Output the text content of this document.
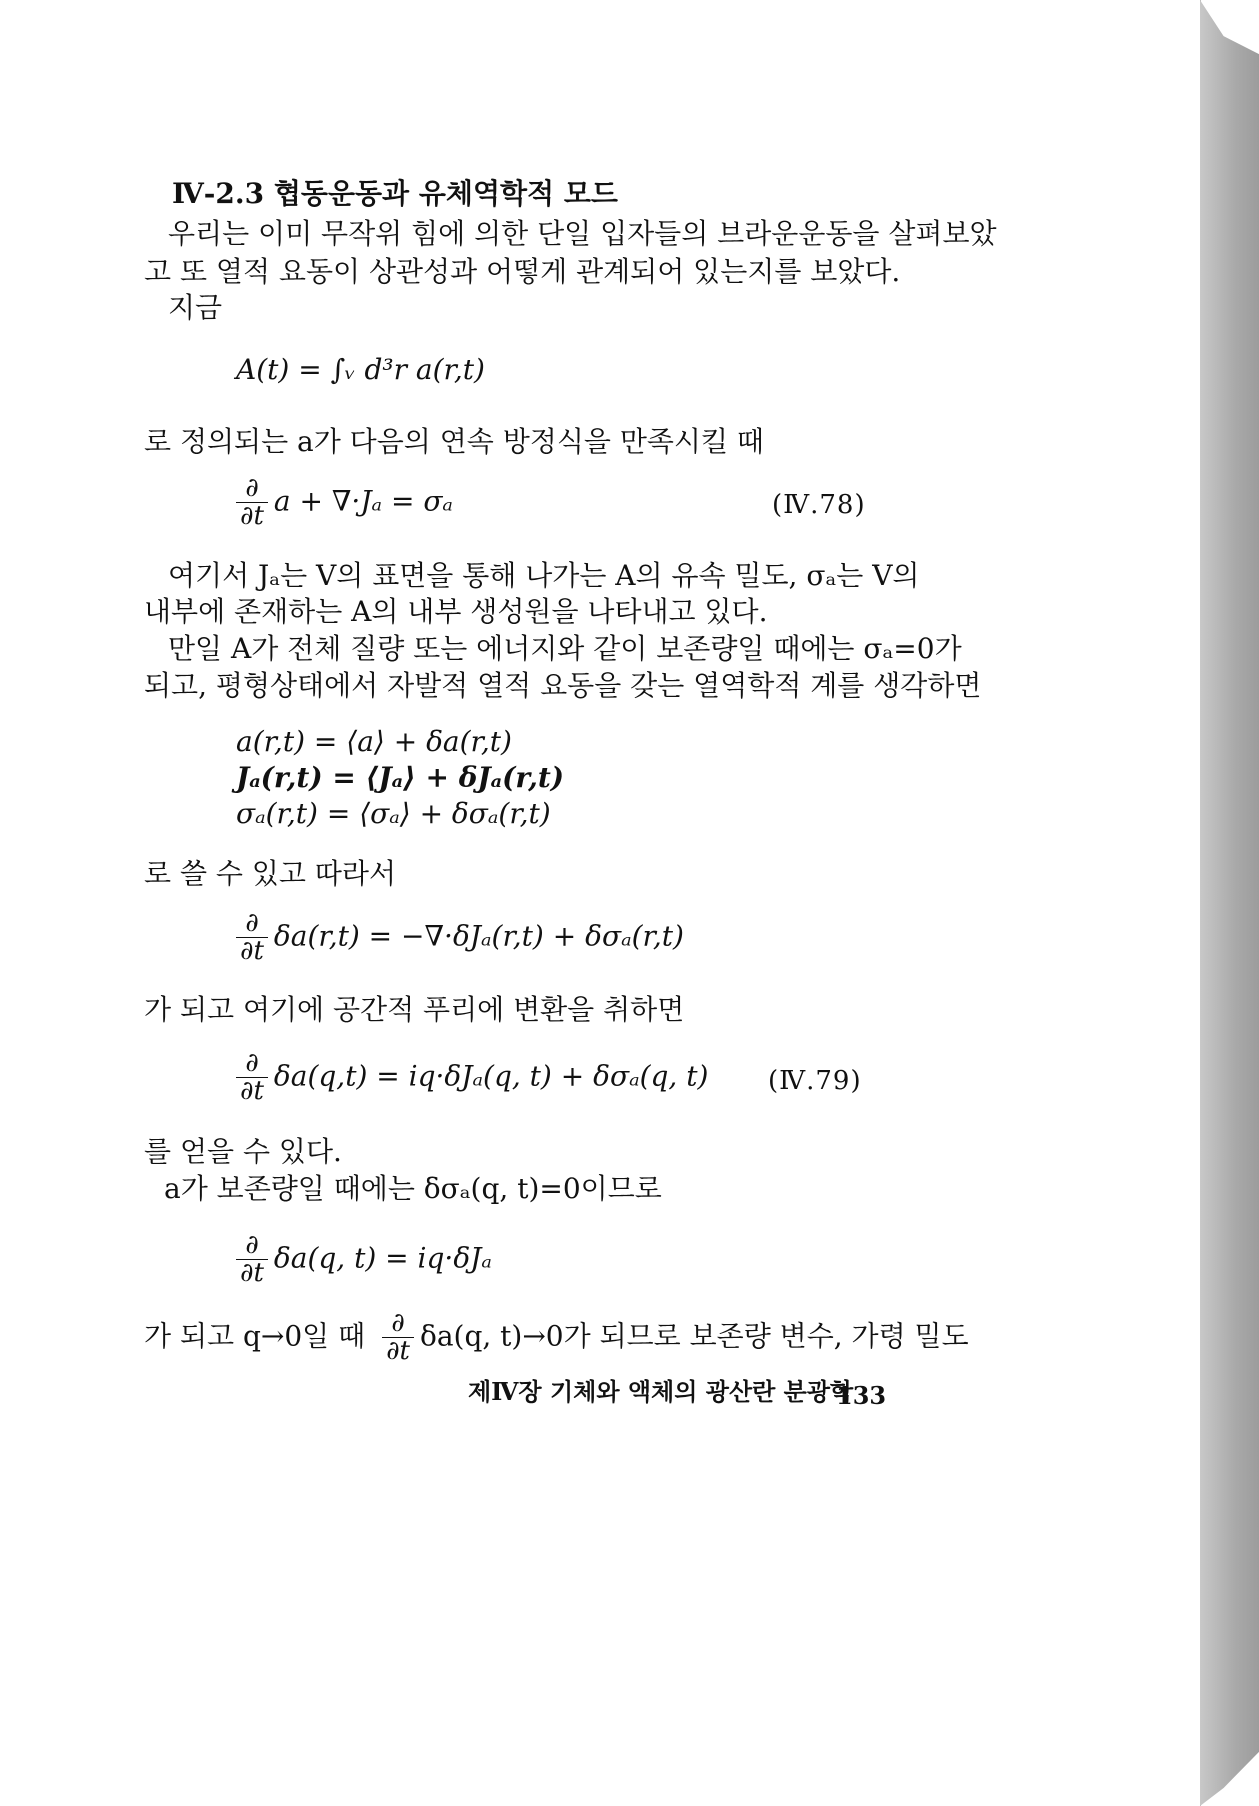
Ⅳ-2.3 협동운동과 유체역학적 모드
우리는 이미 무작위 힘에 의한 단일 입자들의 브라운운동을 살펴보았
고 또 열적 요동이 상관성과 어떻게 관계되어 있는지를 보았다.
지금
A(t) = ∫ᵥ d³r a(r,t)
로 정의되는 a가 다음의 연속 방정식을 만족시킬 때
$\frac{\partial}{\partial t}$ a + ∇·Jₐ = σₐ	(Ⅳ.78)
여기서 Jₐ는 V의 표면을 통해 나가는 A의 유속 밀도, σₐ는 V의
내부에 존재하는 A의 내부 생성원을 나타내고 있다.
만일 A가 전체 질량 또는 에너지와 같이 보존량일 때에는 σₐ=0가
되고, 평형상태에서 자발적 열적 요동을 갖는 열역학적 계를 생각하면
a(r,t) = ⟨a⟩ + δa(r,t)
Jₐ(r,t) = ⟨Jₐ⟩ + δJₐ(r,t)
σₐ(r,t) = ⟨σₐ⟩ + δσₐ(r,t)
로 쓸 수 있고 따라서
$\frac{\partial}{\partial t} \delta a(r,t) = -\nabla\cdot\delta J_a(r,t) + \delta\sigma_a(r,t)$
가 되고 여기에 공간적 푸리에 변환을 취하면
$\frac{\partial}{\partial t} \delta a(q,t) = iq\cdot\delta J_a(q$, t) + δσₐ(q, t) (Ⅳ.79)
를 얻을 수 있다.
a가 보존량일 때에는 δσₐ(q, t)=0이므로
$\frac{\partial}{\partial t} \delta a(q$, t) = iq·δJₐ
가 되고 q→0일 때 $\frac{\partial}{\partial t} \delta a(q$, t)→0가 되므로 보존량 변수, 가령 밀도
제Ⅳ장 기체와 액체의 광산란 분광학
133
